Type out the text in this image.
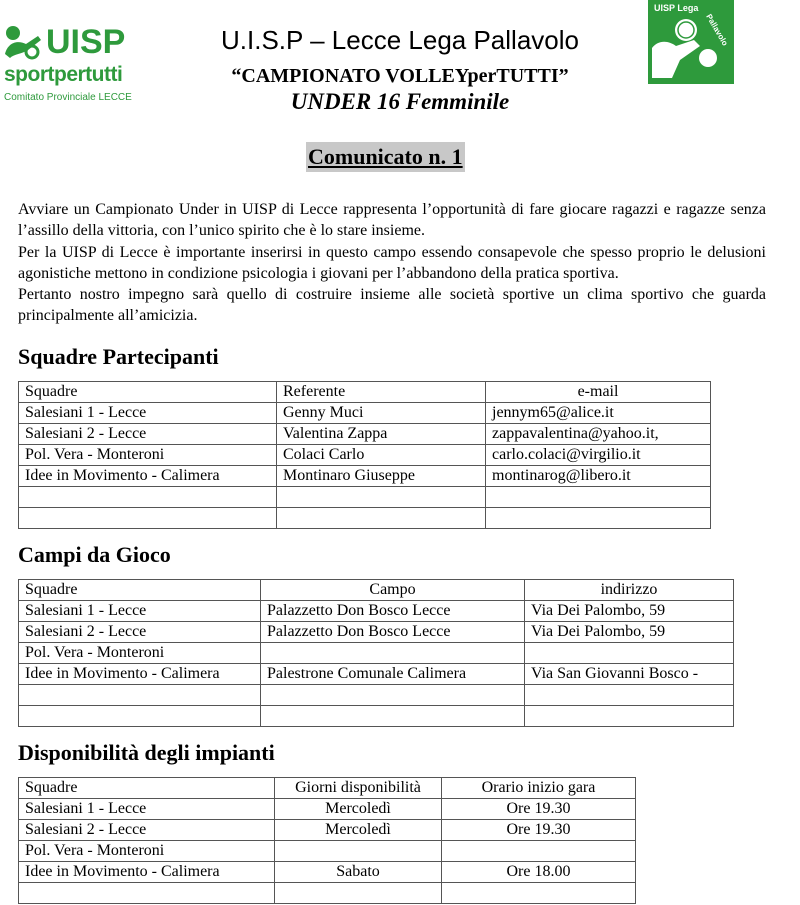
UISP
sportpertutti
Comitato Provinciale LECCE
UISP Lega
Pallavolo
U.I.S.P – Lecce Lega Pallavolo
“CAMPIONATO VOLLEYperTUTTI”
UNDER 16 Femminile
Comunicato n. 1

Avviare un Campionato Under in UISP di Lecce rappresenta l’opportunità di fare giocare ragazzi e ragazze senza l’assillo della vittoria, con l’unico spirito che è lo stare insieme.

Per la UISP di Lecce è importante inserirsi in questo campo essendo consapevole che spesso proprio le delusioni agonistiche mettono in condizione psicologia i giovani per l’abbandono della pratica sportiva.

Pertanto nostro impegno sarà quello di costruire insieme alle società sportive un clima sportivo che guarda principalmente all’amicizia.

Squadre Partecipanti
Squadre	Referente	e-mail
Salesiani 1 - Lecce	Genny Muci	jennym65@alice.it
Salesiani 2 - Lecce	Valentina Zappa	zappavalentina@yahoo.it,
Pol. Vera - Monteroni	Colaci Carlo	carlo.colaci@virgilio.it
Idee in Movimento - Calimera	Montinaro Giuseppe	montinarog@libero.it

Campi da Gioco
Squadre	Campo	indirizzo
Salesiani 1 - Lecce	Palazzetto Don Bosco Lecce	Via Dei Palombo, 59
Salesiani 2 - Lecce	Palazzetto Don Bosco Lecce	Via Dei Palombo, 59
Pol. Vera - Monteroni		
Idee in Movimento - Calimera	Palestrone Comunale Calimera	Via San Giovanni Bosco -

Disponibilità degli impianti
Squadre	Giorni disponibilità	Orario inizio gara
Salesiani 1 - Lecce	Mercoledì	Ore 19.30
Salesiani 2 - Lecce	Mercoledì	Ore 19.30
Pol. Vera - Monteroni		
Idee in Movimento - Calimera	Sabato	Ore 18.00
